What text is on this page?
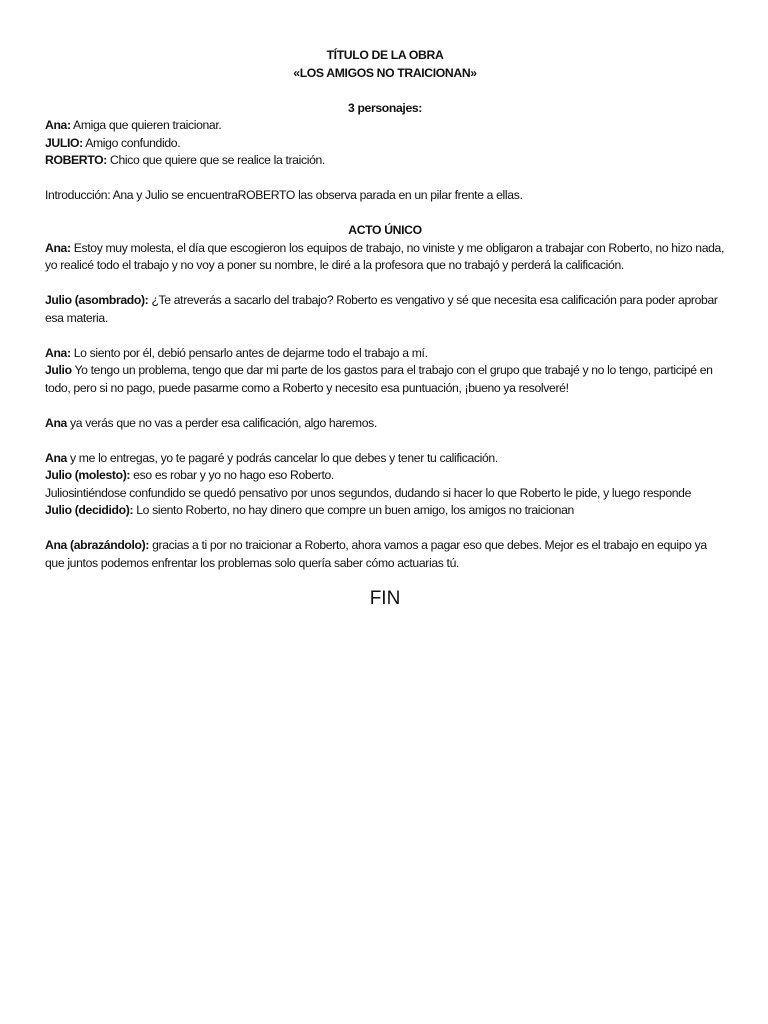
TÍTULO DE LA OBRA

«LOS AMIGOS NO TRAICIONAN»

3 personajes:

Ana: Amiga que quieren traicionar.

JULIO: Amigo confundido.

ROBERTO: Chico que quiere que se realice la traición.

Introducción: Ana y Julio se encuentraROBERTO las observa parada en un pilar frente a ellas.

ACTO ÚNICO

Ana: Estoy muy molesta, el día que escogieron los equipos de trabajo, no viniste y me obligaron a trabajar con Roberto, no hizo nada, yo realicé todo el trabajo y no voy a poner su nombre, le diré a la profesora que no trabajó y perderá la calificación.

Julio (asombrado): ¿Te atreverás a sacarlo del trabajo? Roberto es vengativo y sé que necesita esa calificación para poder aprobar esa materia.

Ana: Lo siento por él, debió pensarlo antes de dejarme todo el trabajo a mí.

Julio Yo tengo un problema, tengo que dar mi parte de los gastos para el trabajo con el grupo que trabajé y no lo tengo, participé en todo, pero si no pago, puede pasarme como a Roberto y necesito esa puntuación, ¡bueno ya resolveré!

Ana ya verás que no vas a perder esa calificación, algo haremos.

Ana y me lo entregas, yo te pagaré y podrás cancelar lo que debes y tener tu calificación.

Julio (molesto): eso es robar y yo no hago eso Roberto.

Juliosintiéndose confundido se quedó pensativo por unos segundos, dudando si hacer lo que Roberto le pide, y luego responde

Julio (decidido): Lo siento Roberto, no hay dinero que compre un buen amigo, los amigos no traicionan

Ana (abrazándolo): gracias a ti por no traicionar a Roberto, ahora vamos a pagar eso que debes. Mejor es el trabajo en equipo ya que juntos podemos enfrentar los problemas solo quería saber cómo actuarias tú.

FIN
